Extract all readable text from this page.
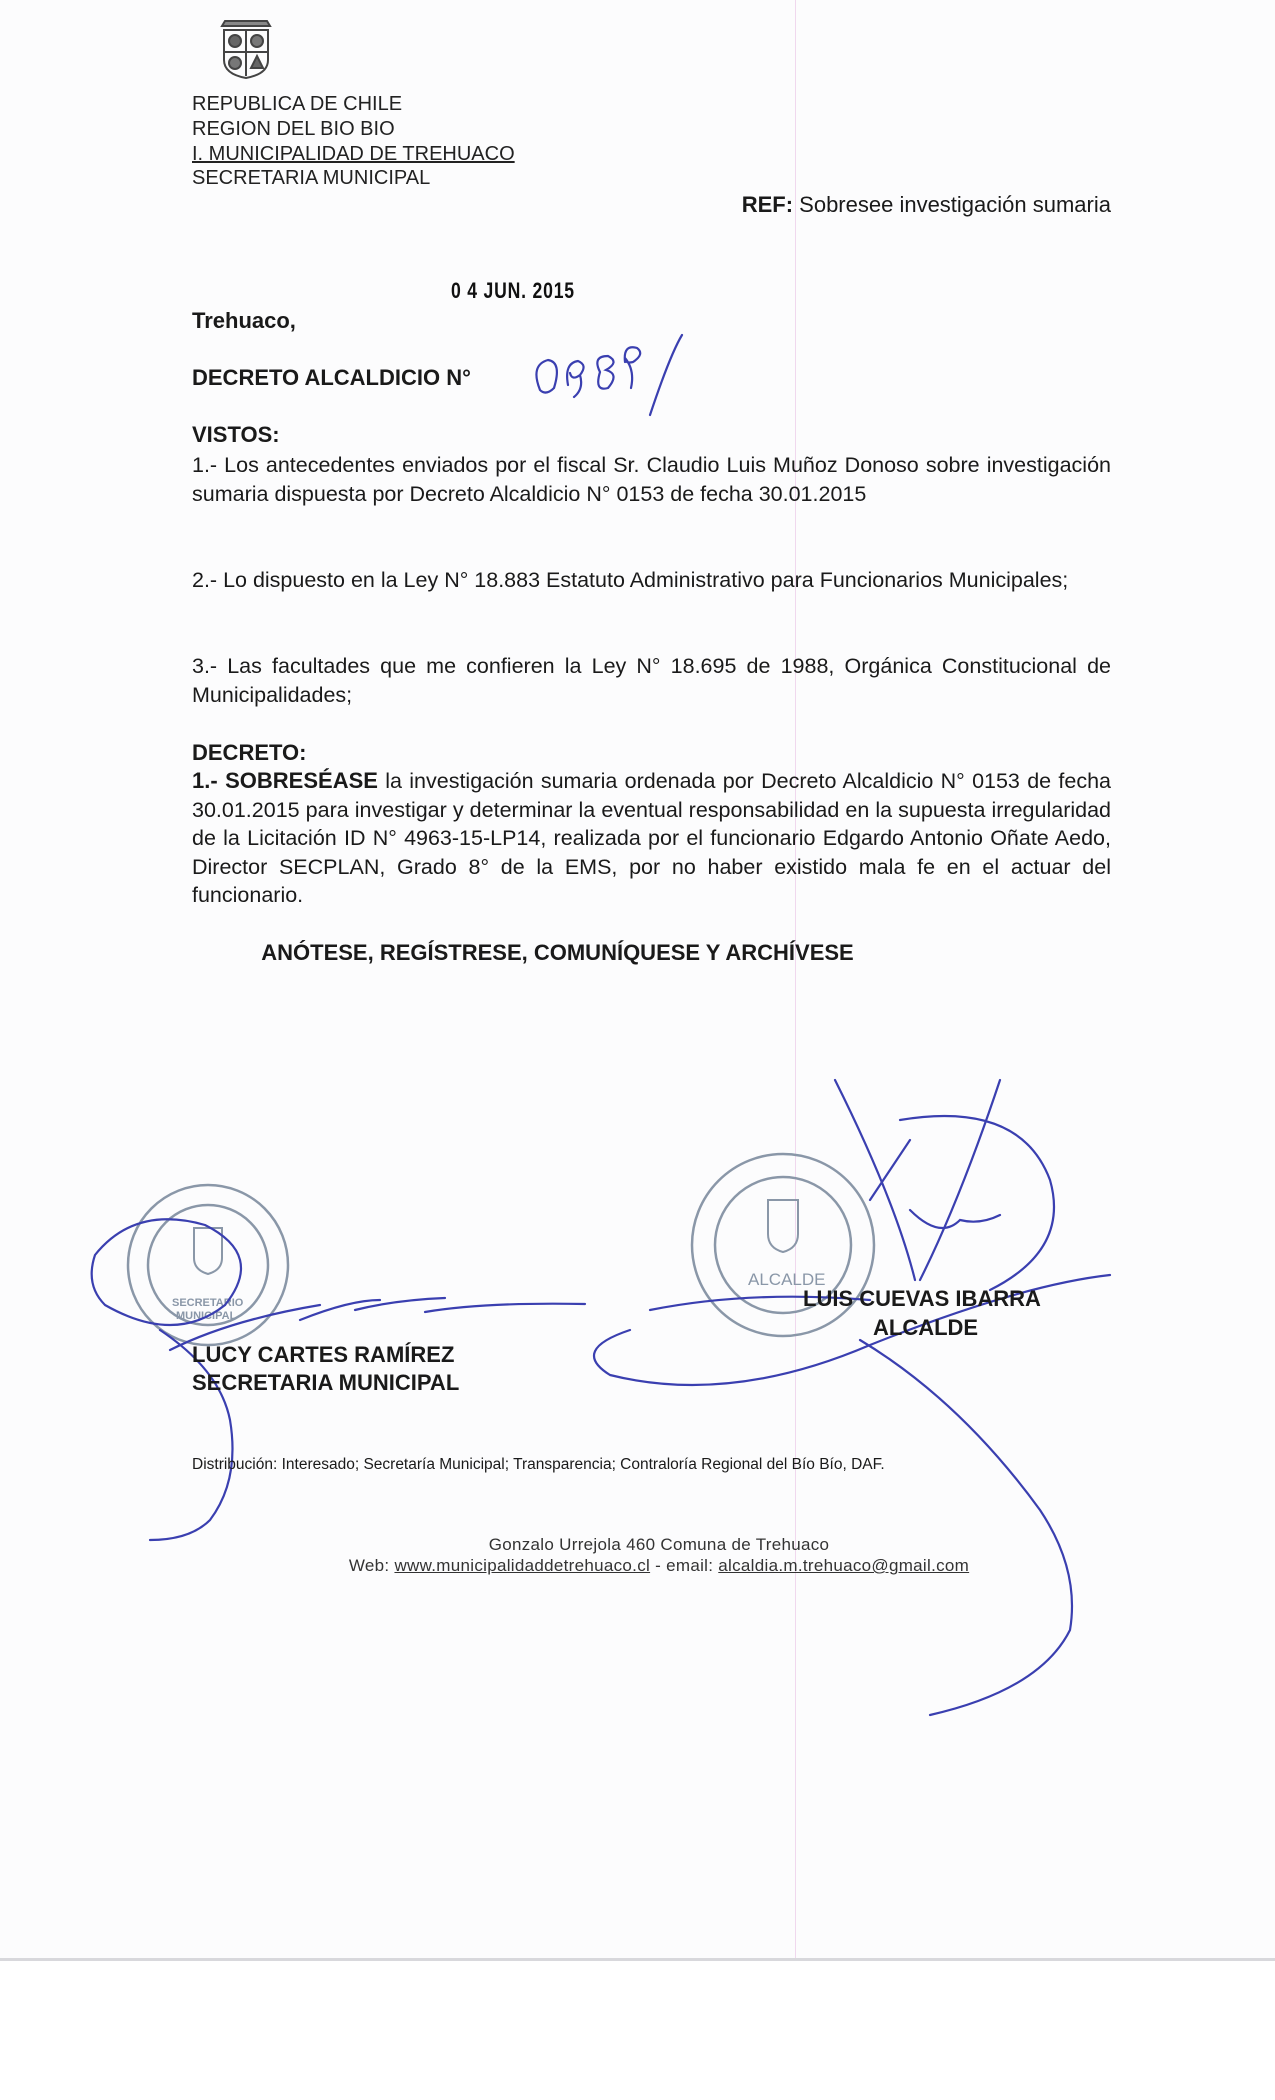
REPUBLICA DE CHILE
REGION DEL BIO BIO
I. MUNICIPALIDAD DE TREHUACO
SECRETARIA MUNICIPAL
REF: Sobresee investigación sumaria
0 4 JUN. 2015
Trehuaco,
DECRETO ALCALDICIO N°
VISTOS:
1.- Los antecedentes enviados por el fiscal Sr. Claudio Luis Muñoz Donoso sobre investigación sumaria dispuesta por Decreto Alcaldicio N° 0153 de fecha 30.01.2015
2.- Lo dispuesto en la Ley N° 18.883 Estatuto Administrativo para Funcionarios Municipales;
3.- Las facultades que me confieren la Ley N° 18.695 de 1988, Orgánica Constitucional de Municipalidades;
DECRETO:
1.- SOBRESÉASE la investigación sumaria ordenada por Decreto Alcaldicio N° 0153 de fecha 30.01.2015 para investigar y determinar la eventual responsabilidad en la supuesta irregularidad de la Licitación ID N° 4963-15-LP14, realizada por el funcionario Edgardo Antonio Oñate Aedo, Director SECPLAN, Grado 8° de la EMS, por no haber existido mala fe en el actuar del funcionario.
ANÓTESE, REGÍSTRESE, COMUNÍQUESE Y ARCHÍVESE
SECRETARIO
MUNICIPAL
ALCALDE
LUIS CUEVAS IBARRA
ALCALDE
LUCY CARTES RAMÍREZ
SECRETARIA MUNICIPAL
Distribución: Interesado; Secretaría Municipal; Transparencia; Contraloría Regional del Bío Bío, DAF.
Gonzalo Urrejola 460 Comuna de Trehuaco
Web: www.municipalidaddetrehuaco.cl - email: alcaldia.m.trehuaco@gmail.com
